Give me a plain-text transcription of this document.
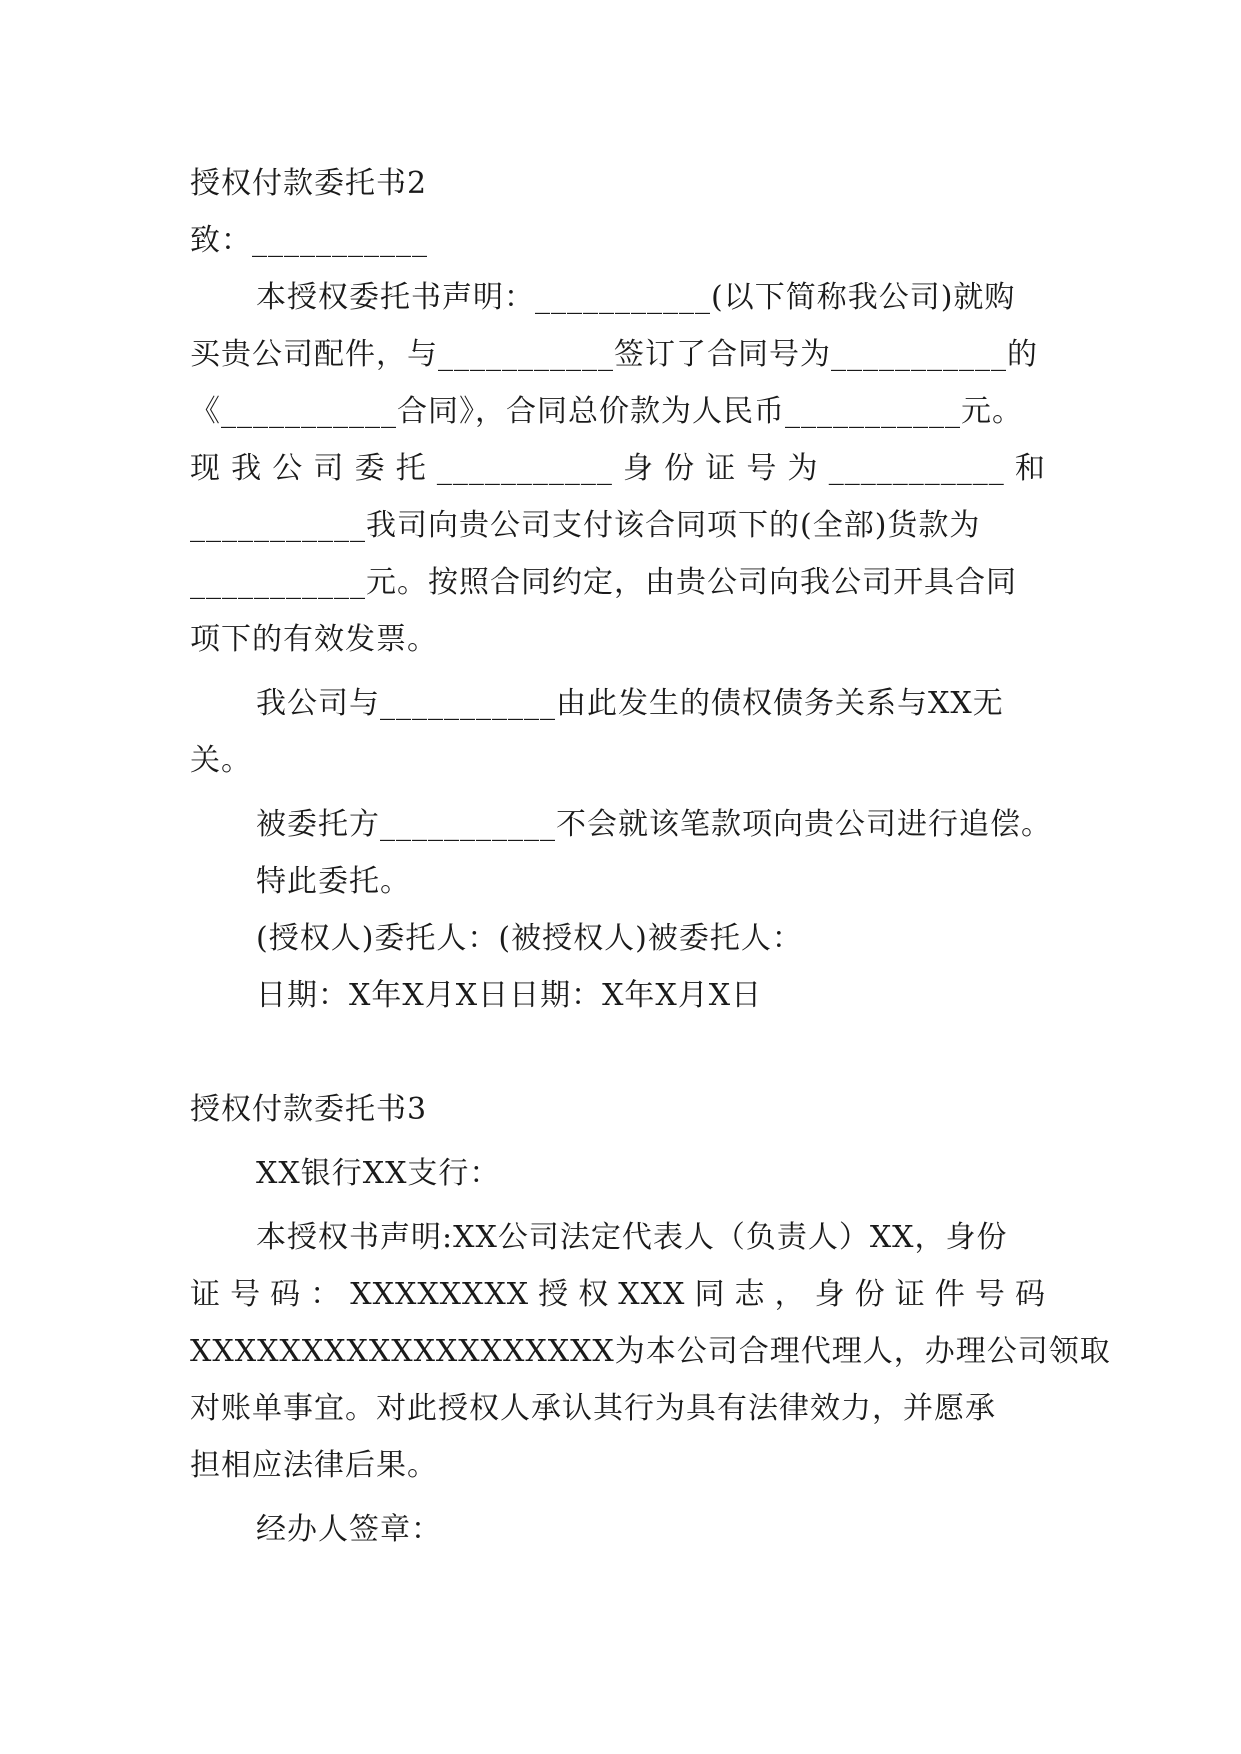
授权付款委托书2
致：___________
本授权委托书声明：___________(以下简称我公司)就购
买贵公司配件，与___________签订了合同号为___________的
《___________合同》，合同总价款为人民币___________元。
现 我 公 司 委 托 ___________ 身 份 证 号 为 ___________ 和
___________我司向贵公司支付该合同项下的(全部)货款为
___________元。按照合同约定，由贵公司向我公司开具合同
项下的有效发票。
我公司与___________由此发生的债权债务关系与XX无
关。
被委托方___________不会就该笔款项向贵公司进行追偿。
特此委托。
(授权人)委托人：(被授权人)被委托人：
日期：X年X月X日日期：X年X月X日
授权付款委托书3
XX银行XX支行：
本授权书声明:XX公司法定代表人（负责人）XX，身份
证 号 码 ： XXXXXXXX 授 权 XXX 同 志 ， 身 份 证 件 号 码
XXXXXXXXXXXXXXXXXXX为本公司合理代理人，办理公司领取
对账单事宜。对此授权人承认其行为具有法律效力，并愿承
担相应法律后果。
经办人签章：
